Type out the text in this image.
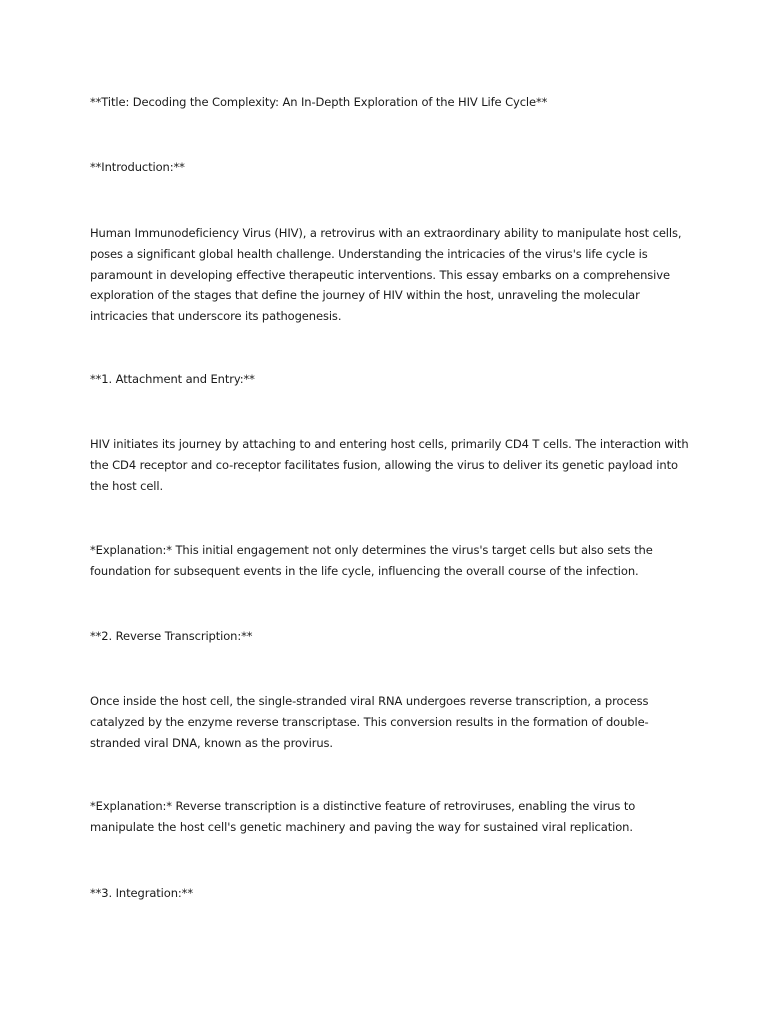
**Title: Decoding the Complexity: An In-Depth Exploration of the HIV Life Cycle**
**Introduction:**
Human Immunodeficiency Virus (HIV), a retrovirus with an extraordinary ability to manipulate host cells, poses a significant global health challenge. Understanding the intricacies of the virus's life cycle is paramount in developing effective therapeutic interventions. This essay embarks on a comprehensive exploration of the stages that define the journey of HIV within the host, unraveling the molecular intricacies that underscore its pathogenesis.
**1. Attachment and Entry:**
HIV initiates its journey by attaching to and entering host cells, primarily CD4 T cells. The interaction with the CD4 receptor and co-receptor facilitates fusion, allowing the virus to deliver its genetic payload into the host cell.
*Explanation:* This initial engagement not only determines the virus's target cells but also sets the foundation for subsequent events in the life cycle, influencing the overall course of the infection.
**2. Reverse Transcription:**
Once inside the host cell, the single-stranded viral RNA undergoes reverse transcription, a process catalyzed by the enzyme reverse transcriptase. This conversion results in the formation of double-stranded viral DNA, known as the provirus.
*Explanation:* Reverse transcription is a distinctive feature of retroviruses, enabling the virus to manipulate the host cell's genetic machinery and paving the way for sustained viral replication.
**3. Integration:**
